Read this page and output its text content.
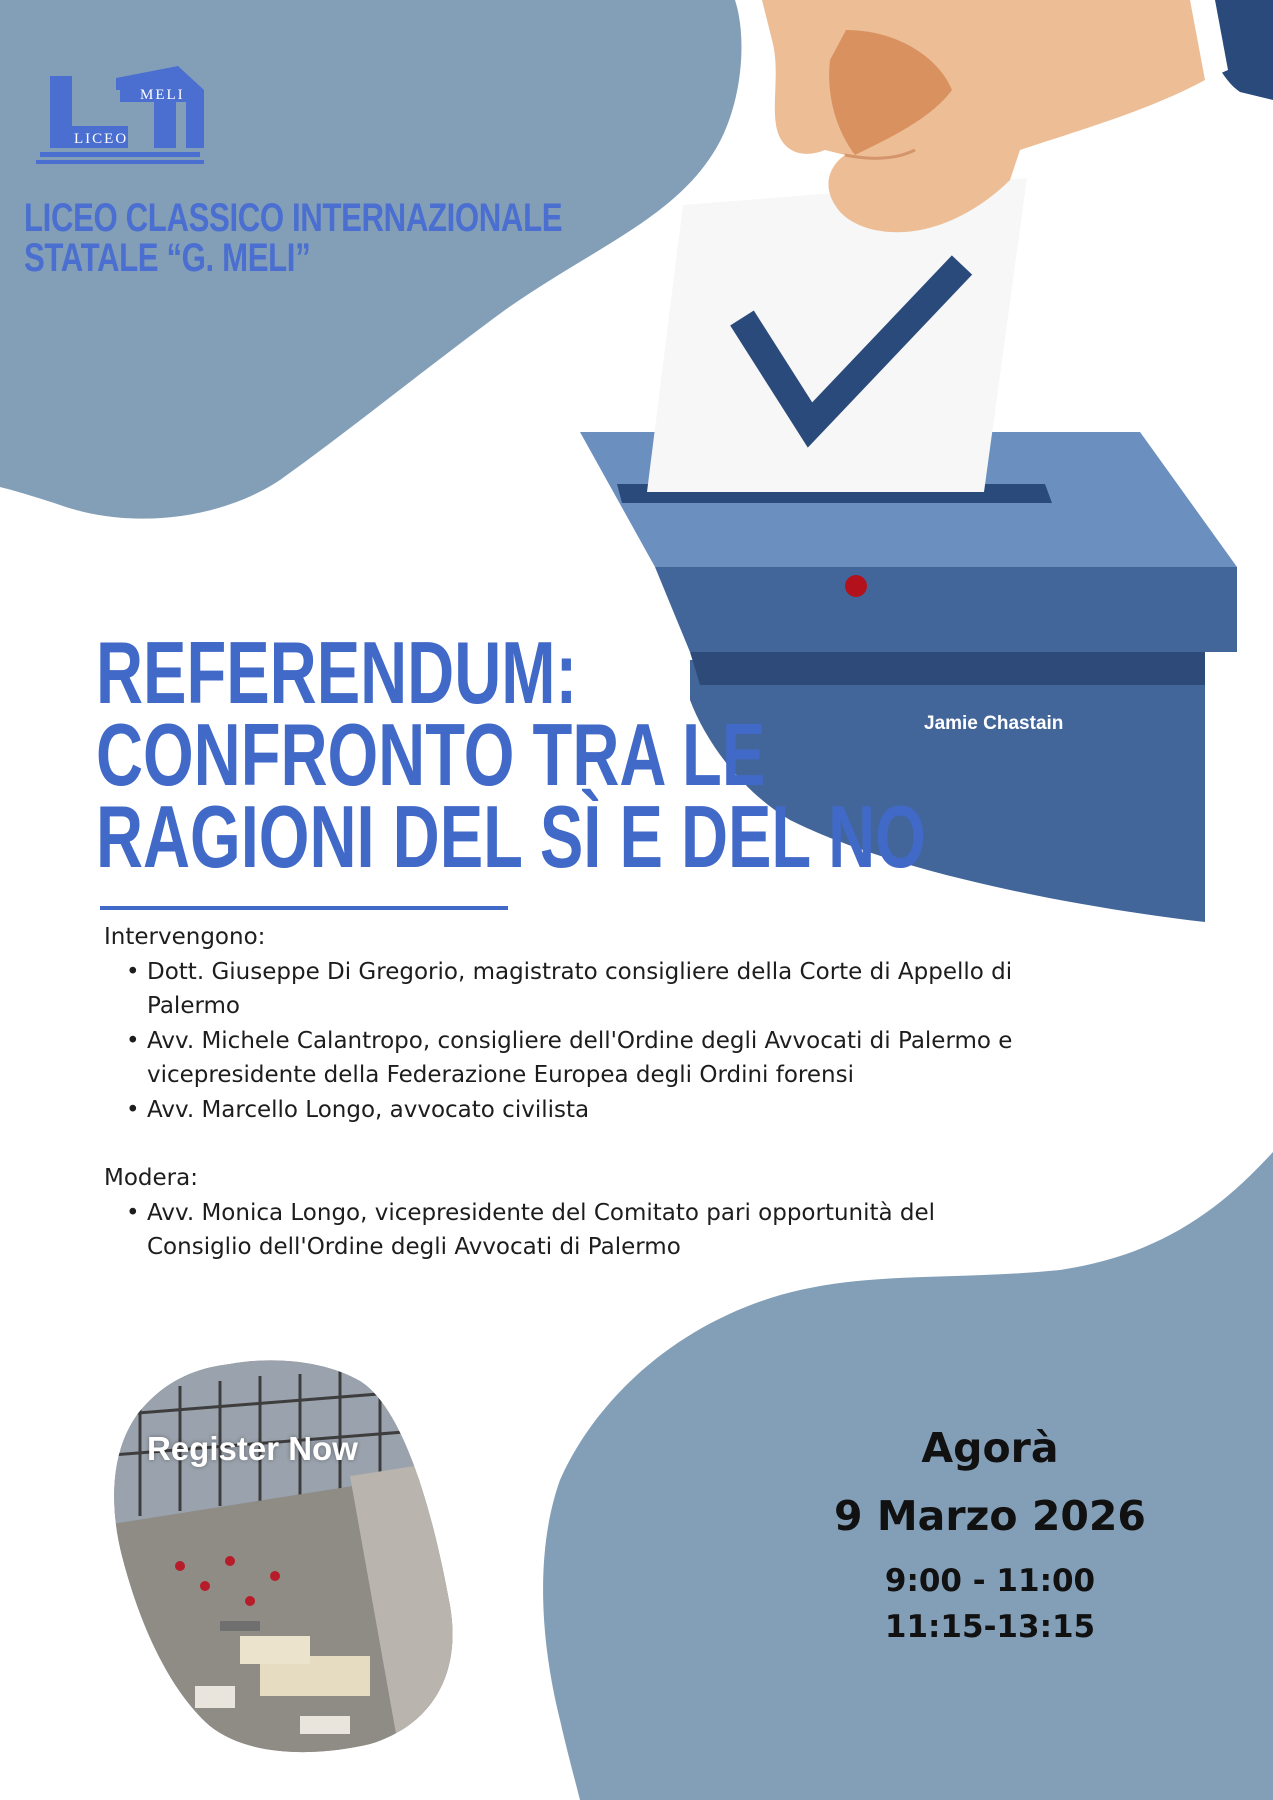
MELI
LICEO
LICEO CLASSICO INTERNAZIONALE
STATALE “G. MELI”
Jamie Chastain
REFERENDUM:
CONFRONTO TRA LE
RAGIONI DEL SÌ E DEL NO

Intervengono:

• Dott. Giuseppe Di Gregorio, magistrato consigliere della Corte di Appello di Palermo
• Avv. Michele Calantropo, consigliere dell'Ordine degli Avvocati di Palermo e vicepresidente della Federazione Europea degli Ordini forensi
• Avv. Marcello Longo, avvocato civilista

Modera:

• Avv. Monica Longo, vicepresidente del Comitato pari opportunità del Consiglio dell'Ordine degli Avvocati di Palermo
Register Now	Agorà
9 Marzo 2026
9:00 - 11:00
11:15-13:15
